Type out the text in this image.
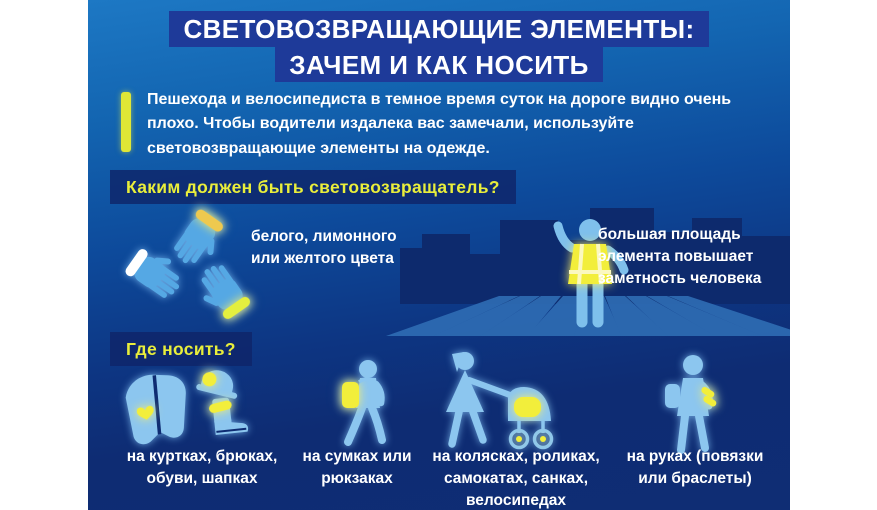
СВЕТОВОЗВРАЩАЮЩИЕ ЭЛЕМЕНТЫ:
ЗАЧЕМ И КАК НОСИТЬ
Пешехода и велосипедиста в темное время суток на дороге видно очень плохо. Чтобы водители издалека вас замечали, используйте световозвращающие элементы на одежде.
Каким должен быть световозвращатель?
белого, лимонного или желтого цвета
большая площадь элемента повышает заметность человека
Где носить?
на куртках, брюках, обуви, шапках
на сумках или рюкзаках
на колясках, роликах, самокатах, санках, велосипедах
на руках (повязки или браслеты)
